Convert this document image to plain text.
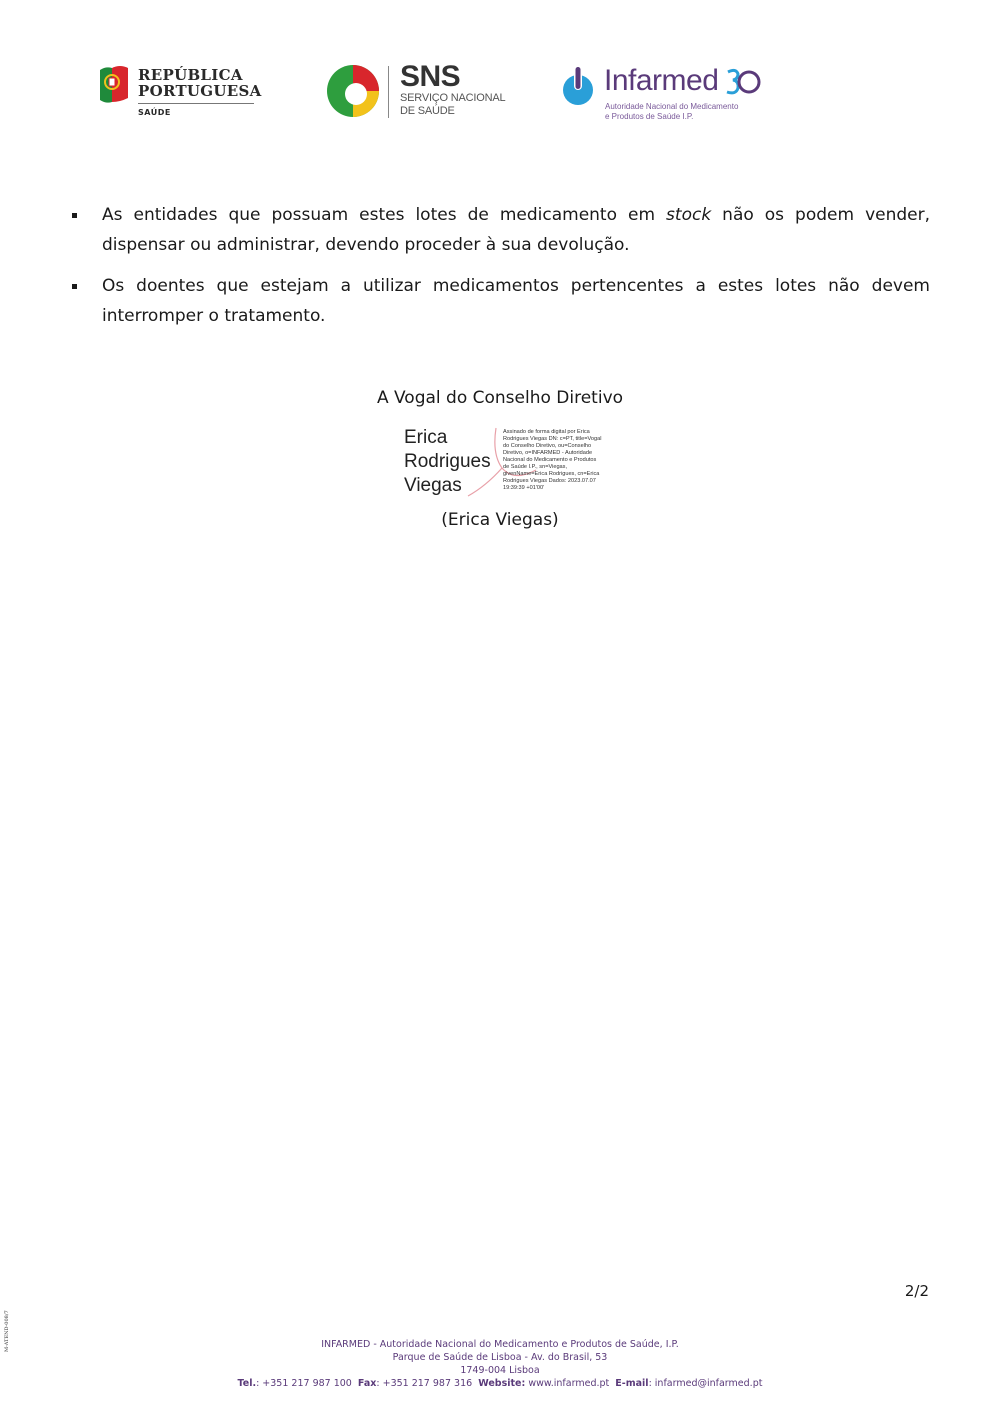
REPÚBLICA
PORTUGUESA
SAÚDE
SNS
SERVIÇO NACIONAL
DE SAÚDE
Infarmed
Autoridade Nacional do Medicamento
e Produtos de Saúde I.P.
As entidades que possuam estes lotes de medicamento em stock não os podem vender, dispensar ou administrar, devendo proceder à sua devolução.
Os doentes que estejam a utilizar medicamentos pertencentes a estes lotes não devem interromper o tratamento.
A Vogal do Conselho Diretivo
Erica
Rodrigues
Viegas
Assinado de forma digital por Erica Rodrigues Viegas DN: c=PT, title=Vogal do Conselho Diretivo, ou=Conselho Diretivo, o=INFARMED - Autoridade Nacional do Medicamento e Produtos de Saúde I.P., sn=Viegas, givenName=Erica Rodrigues, cn=Erica Rodrigues Viegas Dados: 2023.07.07 19:39:39 +01'00'
(Erica Viegas)
2/2
M-ATEND-008/7	INFARMED - Autoridade Nacional do Medicamento e Produtos de Saúde, I.P.
Parque de Saúde de Lisboa - Av. do Brasil, 53
1749-004 Lisboa
Tel.: +351 217 987 100 Fax: +351 217 987 316 Website: www.infarmed.pt E-mail: infarmed@infarmed.pt
